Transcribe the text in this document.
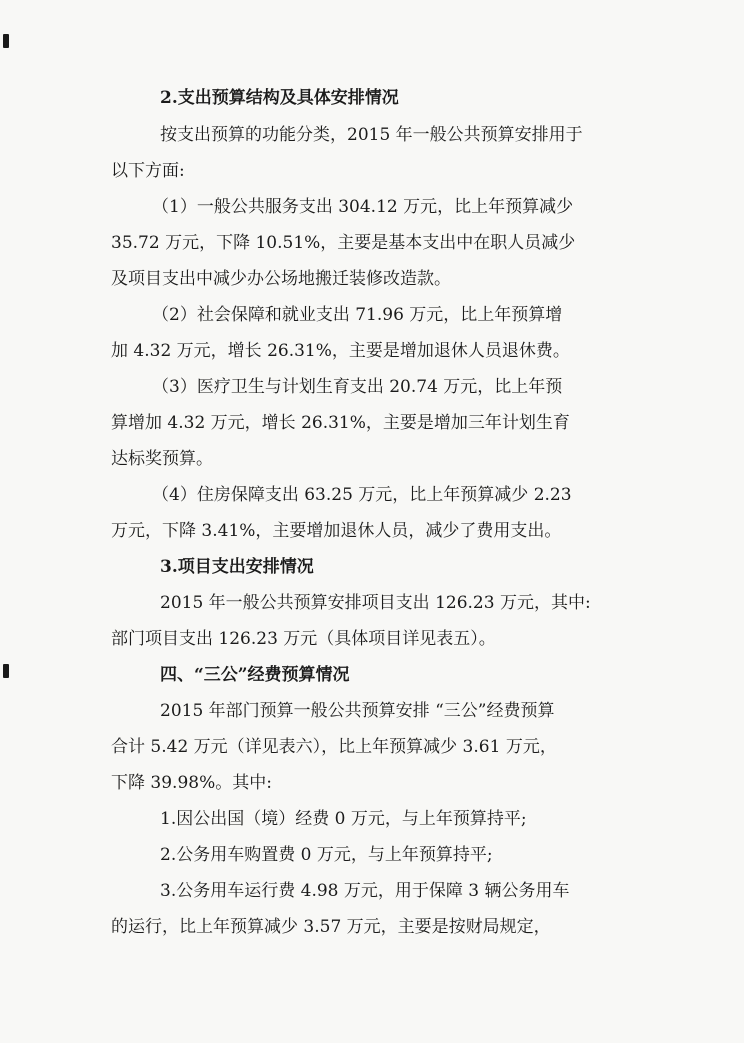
2.支出预算结构及具体安排情况
按支出预算的功能分类，2015 年一般公共预算安排用于
以下方面:
（1）一般公共服务支出 304.12 万元，比上年预算减少
35.72 万元，下降 10.51%，主要是基本支出中在职人员减少
及项目支出中减少办公场地搬迁装修改造款。
（2）社会保障和就业支出 71.96 万元，比上年预算增
加 4.32 万元，增长 26.31%，主要是增加退休人员退休费。
（3）医疗卫生与计划生育支出 20.74 万元，比上年预
算增加 4.32 万元，增长 26.31%，主要是增加三年计划生育
达标奖预算。
（4）住房保障支出 63.25 万元，比上年预算减少 2.23
万元，下降 3.41%，主要增加退休人员，减少了费用支出。
3.项目支出安排情况
2015 年一般公共预算安排项目支出 126.23 万元，其中:
部门项目支出 126.23 万元（具体项目详见表五）。
四、“三公”经费预算情况
2015 年部门预算一般公共预算安排 “三公”经费预算
合计 5.42 万元（详见表六），比上年预算减少 3.61 万元，
下降 39.98%。其中:
1.因公出国（境）经费 0 万元，与上年预算持平;
2.公务用车购置费 0 万元，与上年预算持平;
3.公务用车运行费 4.98 万元，用于保障 3 辆公务用车
的运行，比上年预算减少 3.57 万元，主要是按财局规定，
